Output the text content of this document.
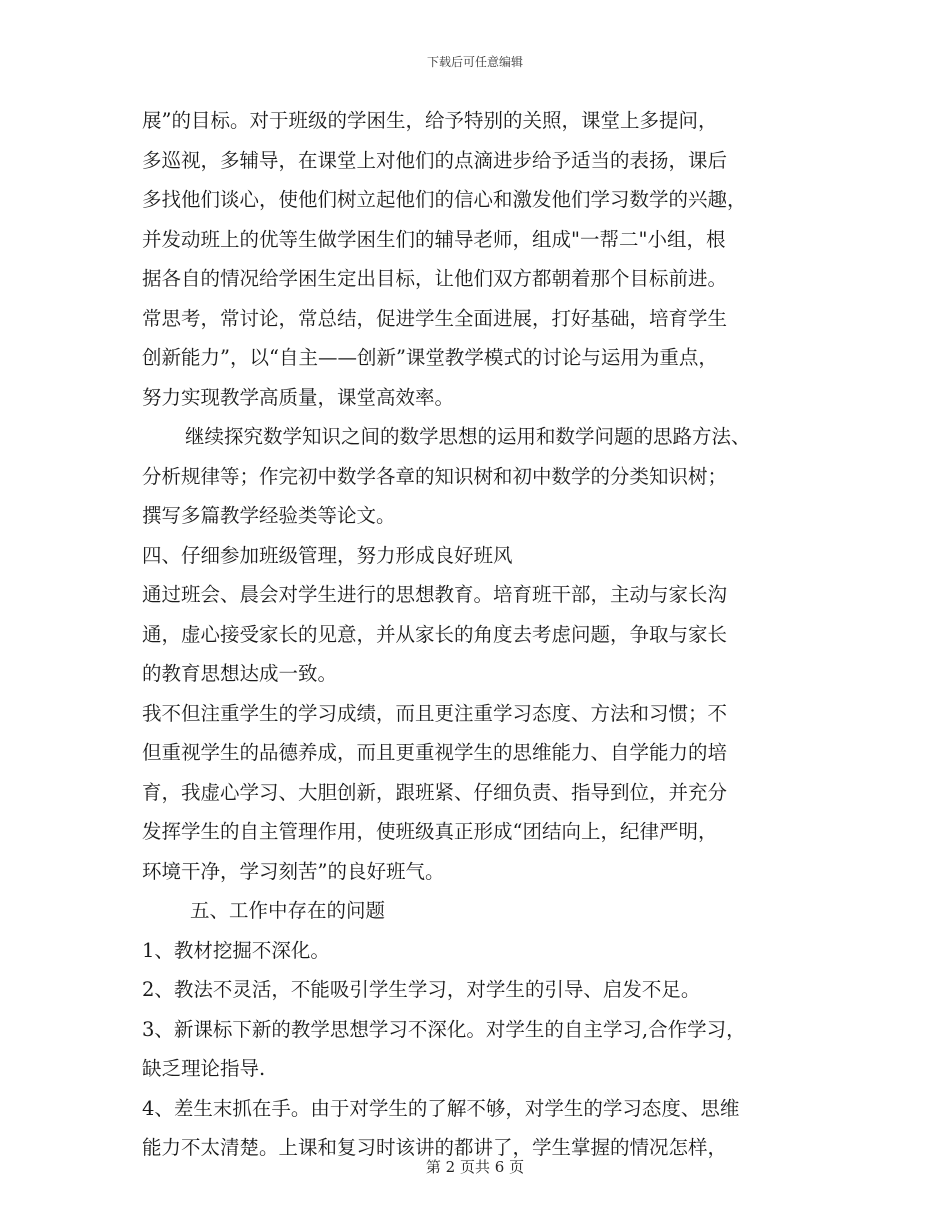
下载后可任意编辑
展”的目标。对于班级的学困生，给予特别的关照，课堂上多提问，
多巡视，多辅导，在课堂上对他们的点滴进步给予适当的表扬，课后
多找他们谈心，使他们树立起他们的信心和激发他们学习数学的兴趣，
并发动班上的优等生做学困生们的辅导老师，组成"一帮二"小组，根
据各自的情况给学困生定出目标，让他们双方都朝着那个目标前进。
常思考，常讨论，常总结，促进学生全面进展，打好基础，培育学生
创新能力”，以“自主——创新”课堂教学模式的讨论与运用为重点，
努力实现教学高质量，课堂高效率。
继续探究数学知识之间的数学思想的运用和数学问题的思路方法、
分析规律等；作完初中数学各章的知识树和初中数学的分类知识树；
撰写多篇教学经验类等论文。
四、仔细参加班级管理，努力形成良好班风
通过班会、晨会对学生进行的思想教育。培育班干部，主动与家长沟
通，虚心接受家长的见意，并从家长的角度去考虑问题，争取与家长
的教育思想达成一致。
我不但注重学生的学习成绩，而且更注重学习态度、方法和习惯；不
但重视学生的品德养成，而且更重视学生的思维能力、自学能力的培
育，我虚心学习、大胆创新，跟班紧、仔细负责、指导到位，并充分
发挥学生的自主管理作用，使班级真正形成“团结向上，纪律严明，
环境干净，学习刻苦”的良好班气。
五、工作中存在的问题
1、教材挖掘不深化。
2、教法不灵活，不能吸引学生学习，对学生的引导、启发不足。
3、新课标下新的教学思想学习不深化。对学生的自主学习,合作学习，
缺乏理论指导.
4、差生末抓在手。由于对学生的了解不够，对学生的学习态度、思维
能力不太清楚。上课和复习时该讲的都讲了，学生掌握的情况怎样，
第 2 页共 6 页
